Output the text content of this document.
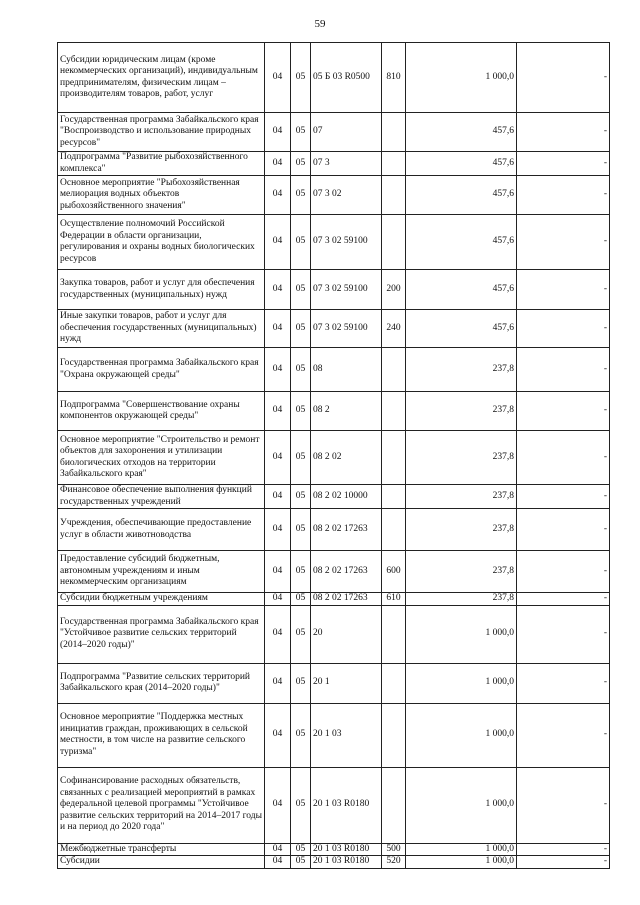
59
Субсидии юридическим лицам (кроме некоммерческих организаций), индивидуальным предпринимателям, физическим лицам – производителям товаров, работ, услуг	04	05	05 Б 03 R0500	810	1 000,0	-
Государственная программа Забайкальского края "Воспроизводство и использование природных ресурсов"	04	05	07		457,6	-
Подпрограмма "Развитие рыбохозяйственного комплекса"	04	05	07 3		457,6	-
Основное мероприятие "Рыбохозяйственная мелиорация водных объектов рыбохозяйственного значения"	04	05	07 3 02		457,6	-
Осуществление полномочий Российской Федерации в области организации, регулирования и охраны водных биологических ресурсов	04	05	07 3 02 59100		457,6	-
Закупка товаров, работ и услуг для обеспечения государственных (муниципальных) нужд	04	05	07 3 02 59100	200	457,6	-
Иные закупки товаров, работ и услуг для обеспечения государственных (муниципальных) нужд	04	05	07 3 02 59100	240	457,6	-
Государственная программа Забайкальского края "Охрана окружающей среды"	04	05	08		237,8	-
Подпрограмма "Совершенствование охраны компонентов окружающей среды"	04	05	08 2		237,8	-
Основное мероприятие "Строительство и ремонт объектов для захоронения и утилизации биологических отходов на территории Забайкальского края"	04	05	08 2 02		237,8	-
Финансовое обеспечение выполнения функций государственных учреждений	04	05	08 2 02 10000		237,8	-
Учреждения, обеспечивающие предоставление услуг в области животноводства	04	05	08 2 02 17263		237,8	-
Предоставление субсидий бюджетным, автономным учреждениям и иным некоммерческим организациям	04	05	08 2 02 17263	600	237,8	-
Субсидии бюджетным учреждениям	04	05	08 2 02 17263	610	237,8	-
Государственная программа Забайкальского края "Устойчивое развитие сельских территорий (2014–2020 годы)"	04	05	20		1 000,0	-
Подпрограмма "Развитие сельских территорий Забайкальского края (2014–2020 годы)"	04	05	20 1		1 000,0	-
Основное мероприятие "Поддержка местных инициатив граждан, проживающих в сельской местности, в том числе на развитие сельского туризма"	04	05	20 1 03		1 000,0	-
Софинансирование расходных обязательств, связанных с реализацией мероприятий в рамках федеральной целевой программы "Устойчивое развитие сельских территорий на 2014–2017 годы и на период до 2020 года"	04	05	20 1 03 R0180		1 000,0	-
Межбюджетные трансферты	04	05	20 1 03 R0180	500	1 000,0	-
Субсидии	04	05	20 1 03 R0180	520	1 000,0	-
